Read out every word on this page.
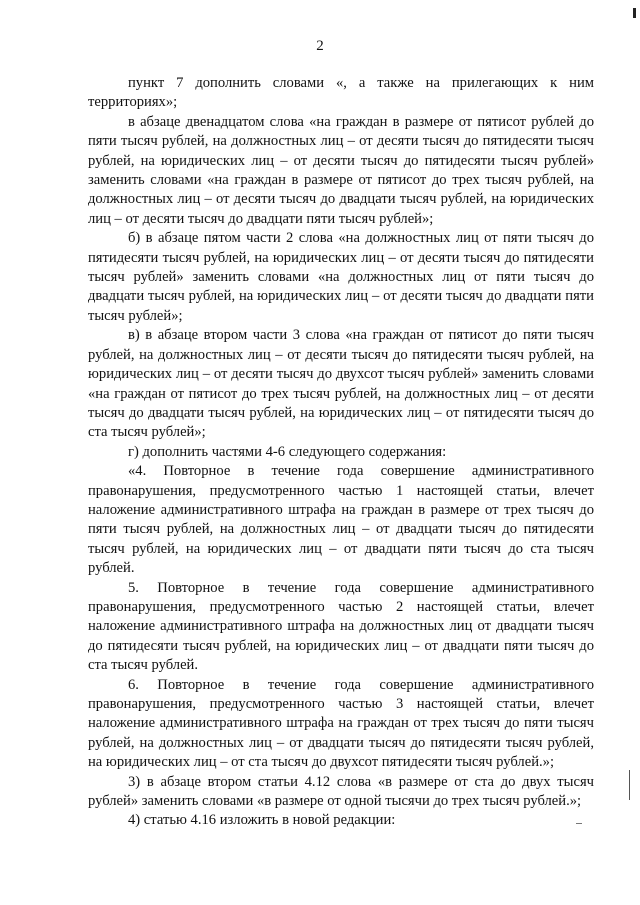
2

пункт 7 дополнить словами «, а также на прилегающих к ним территориях»;

в абзаце двенадцатом слова «на граждан в размере от пятисот рублей до пяти тысяч рублей, на должностных лиц – от десяти тысяч до пятидесяти тысяч рублей, на юридических лиц – от десяти тысяч до пятидесяти тысяч рублей» заменить словами «на граждан в размере от пятисот до трех тысяч рублей, на должностных лиц – от десяти тысяч до двадцати тысяч рублей, на юридических лиц – от десяти тысяч до двадцати пяти тысяч рублей»;

б) в абзаце пятом части 2 слова «на должностных лиц от пяти тысяч до пятидесяти тысяч рублей, на юридических лиц – от десяти тысяч до пятидесяти тысяч рублей» заменить словами «на должностных лиц от пяти тысяч до двадцати тысяч рублей, на юридических лиц – от десяти тысяч до двадцати пяти тысяч рублей»;

в) в абзаце втором части 3 слова «на граждан от пятисот до пяти тысяч рублей, на должностных лиц – от десяти тысяч до пятидесяти тысяч рублей, на юридических лиц – от десяти тысяч до двухсот тысяч рублей» заменить словами «на граждан от пятисот до трех тысяч рублей, на должностных лиц – от десяти тысяч до двадцати тысяч рублей, на юридических лиц – от пятидесяти тысяч до ста тысяч рублей»;

г) дополнить частями 4-6 следующего содержания:

«4. Повторное в течение года совершение административного правонарушения, предусмотренного частью 1 настоящей статьи, влечет наложение административного штрафа на граждан в размере от трех тысяч до пяти тысяч рублей, на должностных лиц – от двадцати тысяч до пятидесяти тысяч рублей, на юридических лиц – от двадцати пяти тысяч до ста тысяч рублей.

5. Повторное в течение года совершение административного правонарушения, предусмотренного частью 2 настоящей статьи, влечет наложение административного штрафа на должностных лиц от двадцати тысяч до пятидесяти тысяч рублей, на юридических лиц – от двадцати пяти тысяч до ста тысяч рублей.

6. Повторное в течение года совершение административного правонарушения, предусмотренного частью 3 настоящей статьи, влечет наложение административного штрафа на граждан от трех тысяч до пяти тысяч рублей, на должностных лиц – от двадцати тысяч до пятидесяти тысяч рублей, на юридических лиц – от ста тысяч до двухсот пятидесяти тысяч рублей.»;

3) в абзаце втором статьи 4.12 слова «в размере от ста до двух тысяч рублей» заменить словами «в размере от одной тысячи до трех тысяч рублей.»;

4) статью 4.16 изложить в новой редакции:
